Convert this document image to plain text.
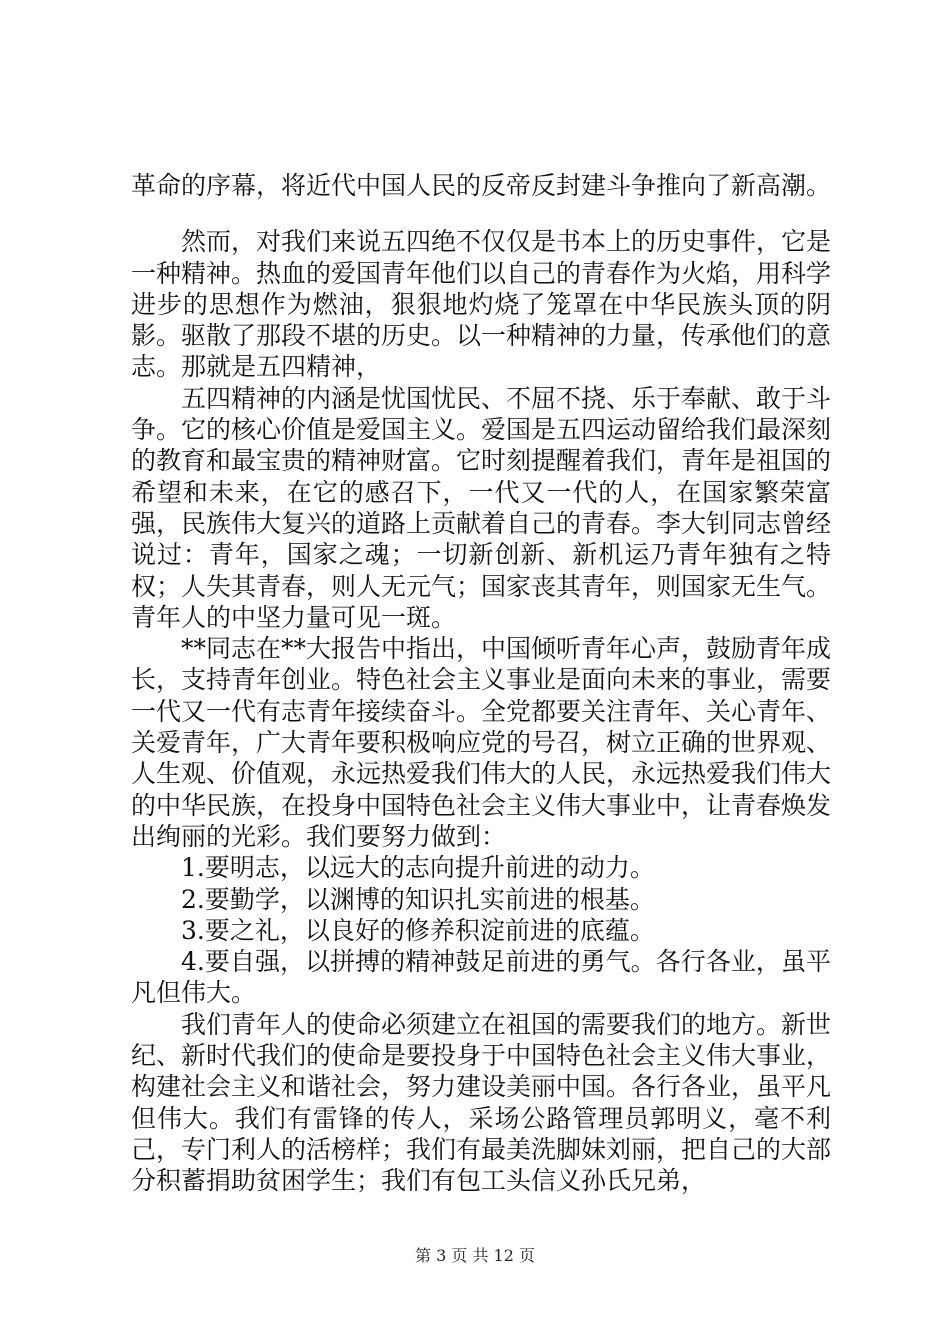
革命的序幕，将近代中国人民的反帝反封建斗争推向了新高潮。

然而，对我们来说五四绝不仅仅是书本上的历史事件，它是一种精神。热血的爱国青年他们以自己的青春作为火焰，用科学进步的思想作为燃油，狠狠地灼烧了笼罩在中华民族头顶的阴影。驱散了那段不堪的历史。以一种精神的力量，传承他们的意志。那就是五四精神，

五四精神的内涵是忧国忧民、不屈不挠、乐于奉献、敢于斗争。它的核心价值是爱国主义。爱国是五四运动留给我们最深刻的教育和最宝贵的精神财富。它时刻提醒着我们，青年是祖国的希望和未来，在它的感召下，一代又一代的人，在国家繁荣富强，民族伟大复兴的道路上贡献着自己的青春。李大钊同志曾经说过：青年，国家之魂；一切新创新、新机运乃青年独有之特权；人失其青春，则人无元气；国家丧其青年，则国家无生气。青年人的中坚力量可见一斑。

**同志在**大报告中指出，中国倾听青年心声，鼓励青年成长，支持青年创业。特色社会主义事业是面向未来的事业，需要一代又一代有志青年接续奋斗。全党都要关注青年、关心青年、关爱青年，广大青年要积极响应党的号召，树立正确的世界观、人生观、价值观，永远热爱我们伟大的人民，永远热爱我们伟大的中华民族，在投身中国特色社会主义伟大事业中，让青春焕发出绚丽的光彩。我们要努力做到：

1.要明志，以远大的志向提升前进的动力。

2.要勤学，以渊博的知识扎实前进的根基。

3.要之礼，以良好的修养积淀前进的底蕴。

4.要自强，以拼搏的精神鼓足前进的勇气。各行各业，虽平凡但伟大。

我们青年人的使命必须建立在祖国的需要我们的地方。新世纪、新时代我们的使命是要投身于中国特色社会主义伟大事业，构建社会主义和谐社会，努力建设美丽中国。各行各业，虽平凡但伟大。我们有雷锋的传人，采场公路管理员郭明义，毫不利己，专门利人的活榜样；我们有最美洗脚妹刘丽，把自己的大部分积蓄捐助贫困学生；我们有包工头信义孙氏兄弟，

第 3 页 共 12 页
